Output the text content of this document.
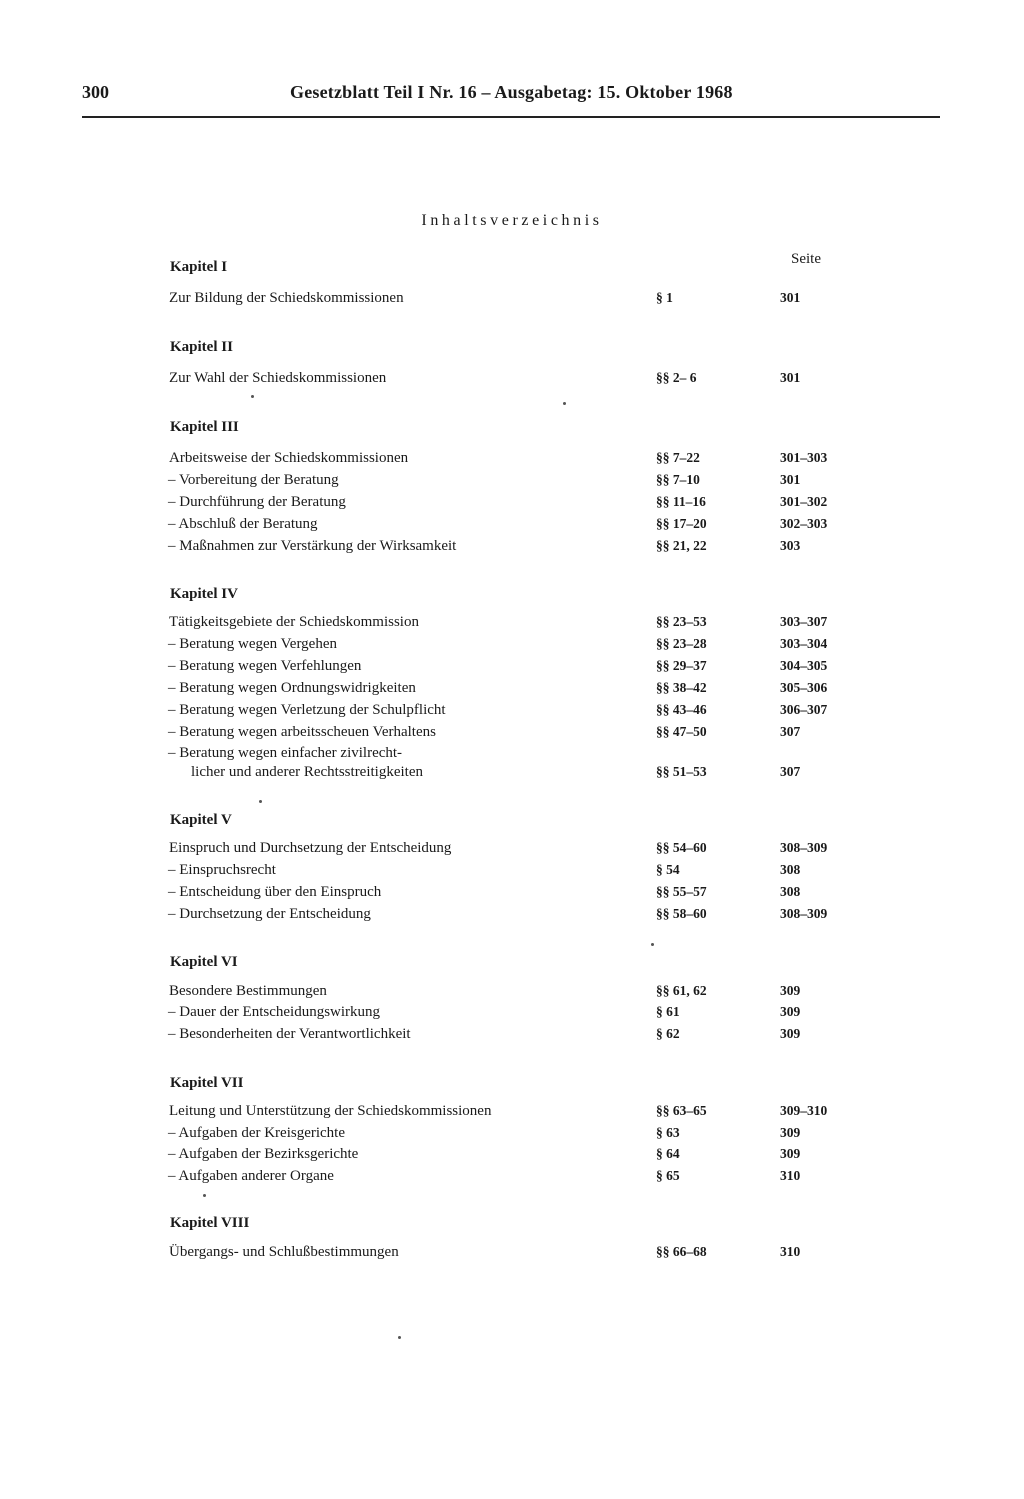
300	Gesetzblatt Teil I Nr. 16 – Ausgabetag: 15. Oktober 1968
Inhaltsverzeichnis
Seite
Kapitel I
Zur Bildung der Schiedskommissionen	§ 1	301
Kapitel II
Zur Wahl der Schiedskommissionen	§§ 2– 6	301
Kapitel III
Arbeitsweise der Schiedskommissionen	§§ 7–22	301–303
– Vorbereitung der Beratung	§§ 7–10	301
– Durchführung der Beratung	§§ 11–16	301–302
– Abschluß der Beratung	§§ 17–20	302–303
– Maßnahmen zur Verstärkung der Wirksamkeit	§§ 21, 22	303
Kapitel IV
Tätigkeitsgebiete der Schiedskommission	§§ 23–53	303–307
– Beratung wegen Vergehen	§§ 23–28	303–304
– Beratung wegen Verfehlungen	§§ 29–37	304–305
– Beratung wegen Ordnungswidrigkeiten	§§ 38–42	305–306
– Beratung wegen Verletzung der Schulpflicht	§§ 43–46	306–307
– Beratung wegen arbeitsscheuen Verhaltens	§§ 47–50	307
– Beratung wegen einfacher zivilrecht-
licher und anderer Rechtsstreitigkeiten	§§ 51–53	307
Kapitel V
Einspruch und Durchsetzung der Entscheidung	§§ 54–60	308–309
– Einspruchsrecht	§ 54	308
– Entscheidung über den Einspruch	§§ 55–57	308
– Durchsetzung der Entscheidung	§§ 58–60	308–309
Kapitel VI
Besondere Bestimmungen	§§ 61, 62	309
– Dauer der Entscheidungswirkung	§ 61	309
– Besonderheiten der Verantwortlichkeit	§ 62	309
Kapitel VII
Leitung und Unterstützung der Schiedskommissionen	§§ 63–65	309–310
– Aufgaben der Kreisgerichte	§ 63	309
– Aufgaben der Bezirksgerichte	§ 64	309
– Aufgaben anderer Organe	§ 65	310
Kapitel VIII
Übergangs- und Schlußbestimmungen	§§ 66–68	310
